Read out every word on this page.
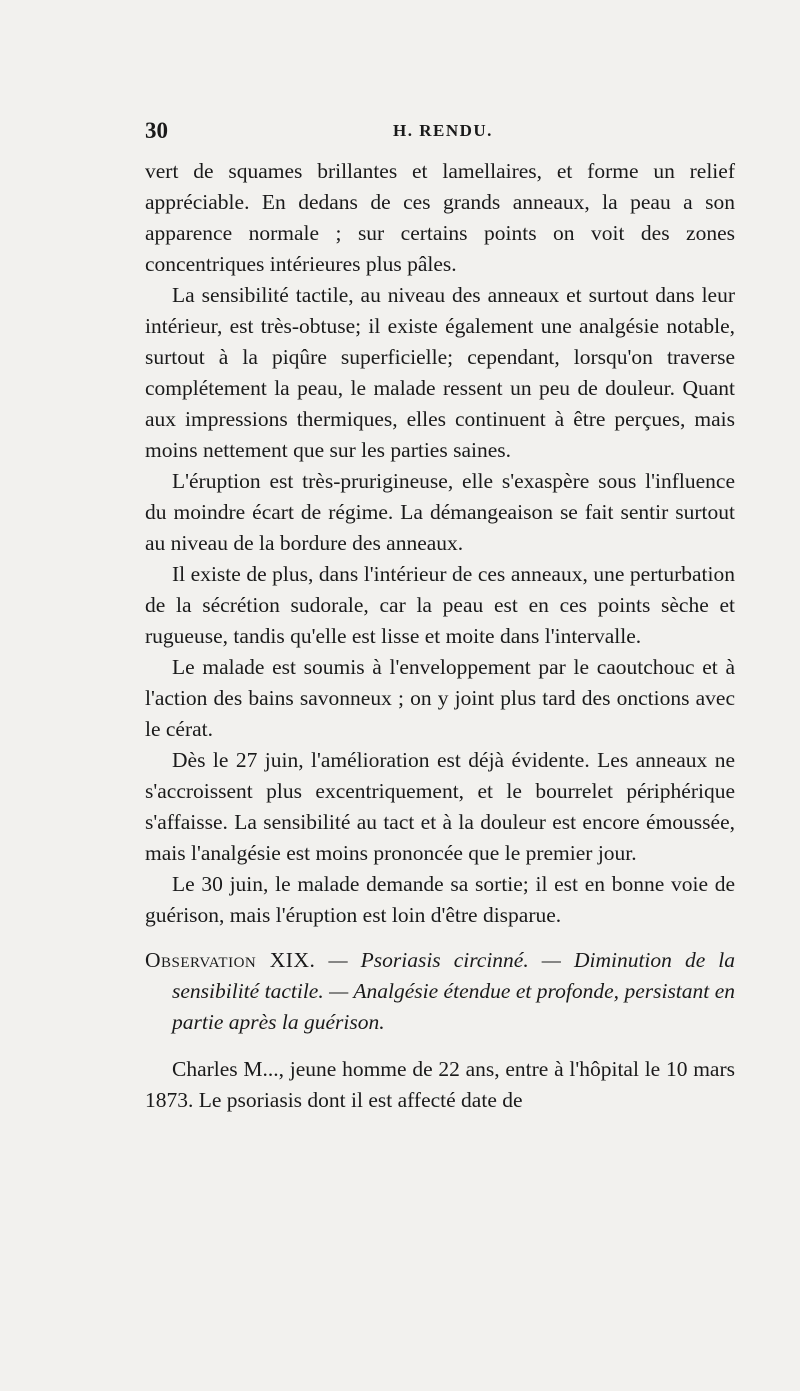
30	H. RENDU.

vert de squames brillantes et lamellaires, et forme un relief appréciable. En dedans de ces grands anneaux, la peau a son apparence normale ; sur certains points on voit des zones concentriques intérieures plus pâles.

La sensibilité tactile, au niveau des anneaux et surtout dans leur intérieur, est très-obtuse; il existe également une analgésie notable, surtout à la piqûre superficielle; cependant, lorsqu'on traverse complétement la peau, le malade ressent un peu de douleur. Quant aux impressions thermiques, elles continuent à être perçues, mais moins nettement que sur les parties saines.

L'éruption est très-prurigineuse, elle s'exaspère sous l'influence du moindre écart de régime. La démangeaison se fait sentir surtout au niveau de la bordure des anneaux.

Il existe de plus, dans l'intérieur de ces anneaux, une perturbation de la sécrétion sudorale, car la peau est en ces points sèche et rugueuse, tandis qu'elle est lisse et moite dans l'intervalle.

Le malade est soumis à l'enveloppement par le caoutchouc et à l'action des bains savonneux ; on y joint plus tard des onctions avec le cérat.

Dès le 27 juin, l'amélioration est déjà évidente. Les anneaux ne s'accroissent plus excentriquement, et le bourrelet périphérique s'affaisse. La sensibilité au tact et à la douleur est encore émoussée, mais l'analgésie est moins prononcée que le premier jour.

Le 30 juin, le malade demande sa sortie; il est en bonne voie de guérison, mais l'éruption est loin d'être disparue.

Observation XIX. — Psoriasis circinné. — Diminution de la sensibilité tactile. — Analgésie étendue et profonde, persistant en partie après la guérison.

Charles M..., jeune homme de 22 ans, entre à l'hôpital le 10 mars 1873. Le psoriasis dont il est affecté date de
